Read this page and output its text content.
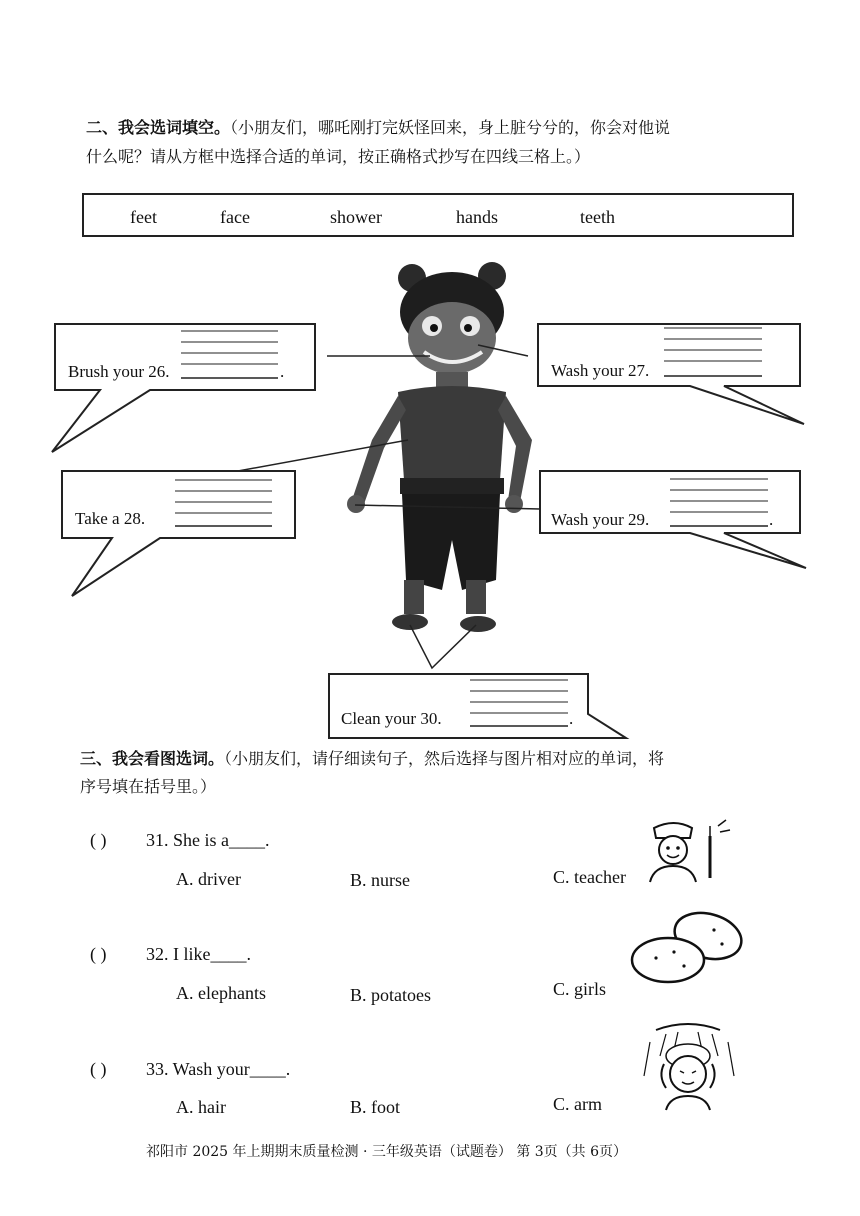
二、我会选词填空。（小朋友们，哪吒刚打完妖怪回来，身上脏兮兮的，你会对他说
什么呢？请从方框中选择合适的单词，按正确格式抄写在四线三格上。）
feet	face	shower	hands	teeth
Brush your 26.	.	Wash your 27.
Take a 28.	Wash your 29.	.
Clean your 30.	.
三、我会看图选词。（小朋友们，请仔细读句子，然后选择与图片相对应的单词，将
序号填在括号里。）
( ) 31. She is a____.
A. driver	B. nurse	C. teacher
( ) 32. I like____.
A. elephants	B. potatoes	C. girls
( ) 33. Wash your____.
A. hair	B. foot	C. arm
祁阳市 2025 年上期期末质量检测 · 三年级英语（试题卷） 第 3页（共 6页）
